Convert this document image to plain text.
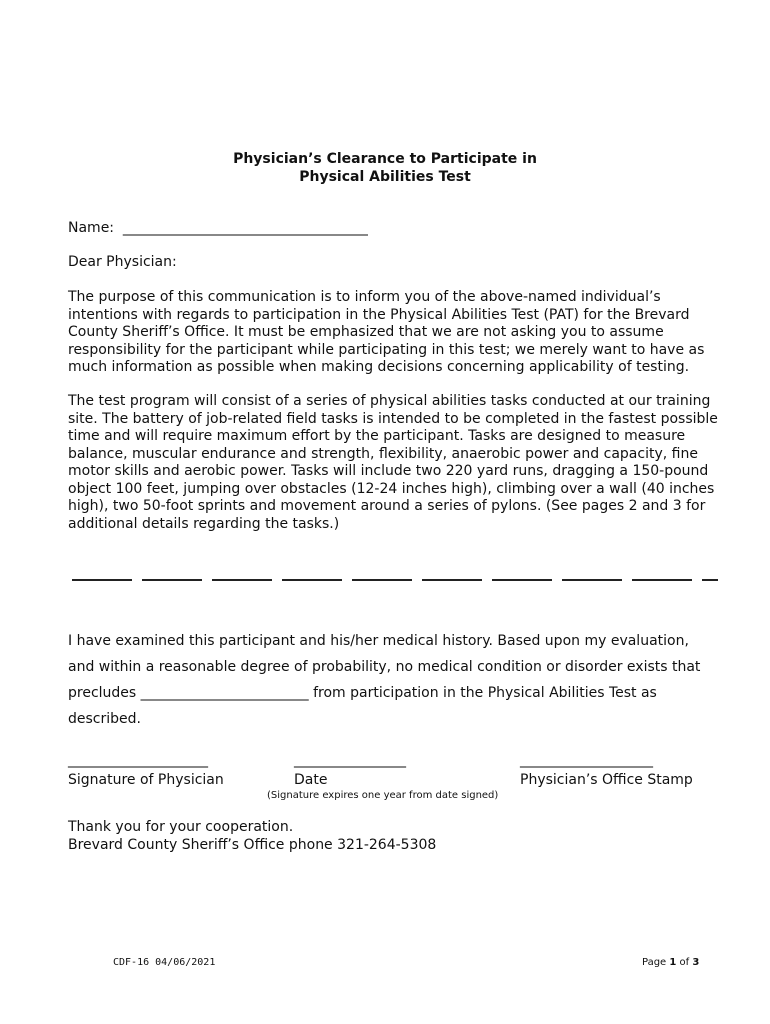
Physician’s Clearance to Participate in
Physical Abilities Test
Name:  ___________________________________
Dear Physician:
The purpose of this communication is to inform you of the above-named individual’s intentions with regards to participation in the Physical Abilities Test (PAT) for the Brevard County Sheriff’s Office. It must be emphasized that we are not asking you to assume responsibility for the participant while participating in this test; we merely want to have as much information as possible when making decisions concerning applicability of testing.
The test program will consist of a series of physical abilities tasks conducted at our training site. The battery of job-related field tasks is intended to be completed in the fastest possible time and will require maximum effort by the participant. Tasks are designed to measure balance, muscular endurance and strength, flexibility, anaerobic power and capacity, fine motor skills and aerobic power. Tasks will include two 220 yard runs, dragging a 150-pound object 100 feet, jumping over obstacles (12-24 inches high), climbing over a wall (40 inches high), two 50-foot sprints and movement around a series of pylons. (See pages 2 and 3 for additional details regarding the tasks.)
I have examined this participant and his/her medical history. Based upon my evaluation, and within a reasonable degree of probability, no medical condition or disorder exists that precludes ________________________ from participation in the Physical Abilities Test as described.
____________________	________________	___________________
Signature of Physician	Date	Physician’s Office Stamp
(Signature expires one year from date signed)
Thank you for your cooperation.
Brevard County Sheriff’s Office phone 321-264-5308
CDF-16 04/06/2021	Page 1 of 3
